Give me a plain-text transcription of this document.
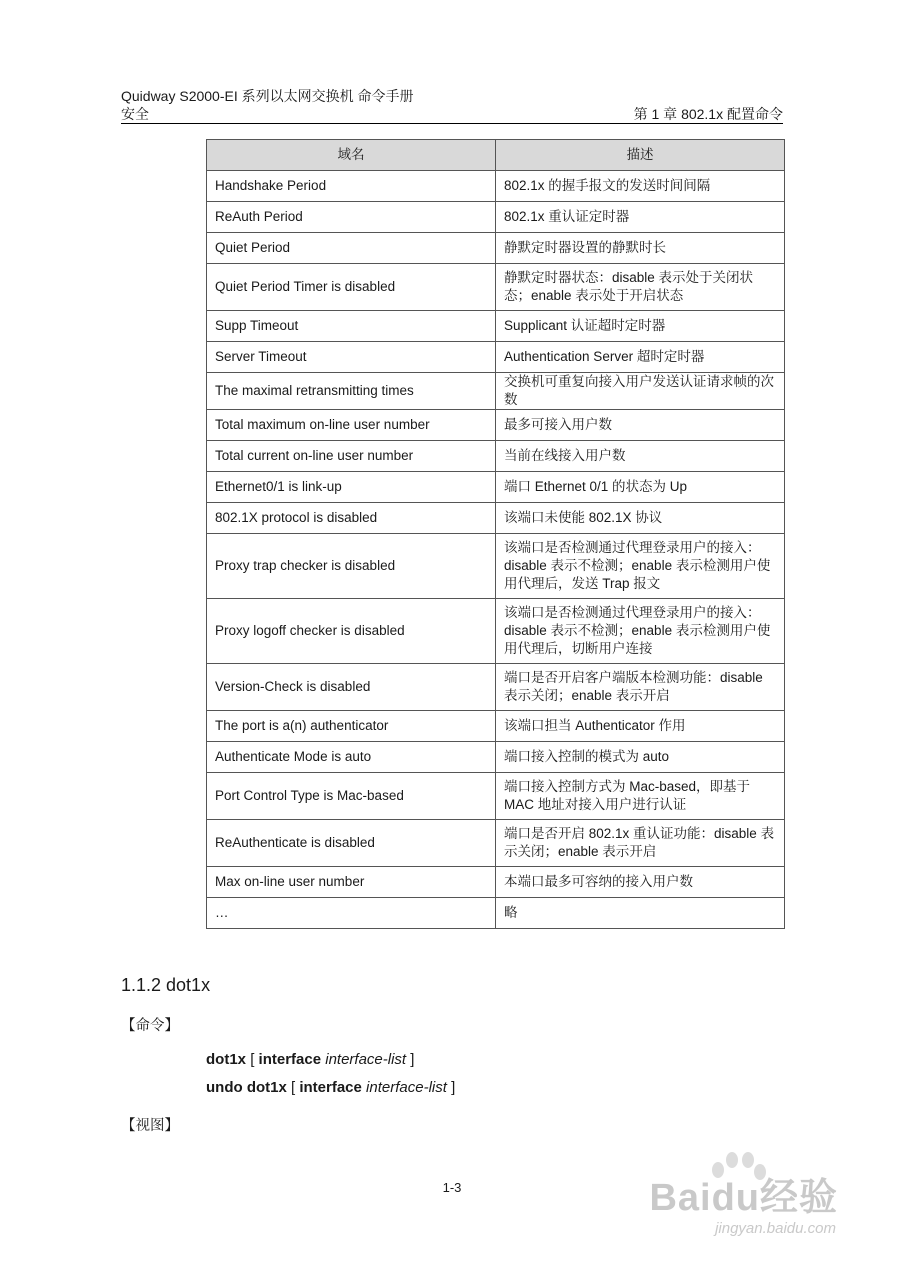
Quidway S2000-EI 系列以太网交换机 命令手册
安全	第 1 章 802.1x 配置命令
域名	描述
Handshake Period	802.1x 的握手报文的发送时间间隔
ReAuth Period	802.1x 重认证定时器
Quiet Period	静默定时器设置的静默时长
Quiet Period Timer is disabled	静默定时器状态：disable 表示处于关闭状态；enable 表示处于开启状态
Supp Timeout	Supplicant 认证超时定时器
Server Timeout	Authentication Server 超时定时器
The maximal retransmitting times	交换机可重复向接入用户发送认证请求帧的次数
Total maximum on-line user number	最多可接入用户数
Total current on-line user number	当前在线接入用户数
Ethernet0/1 is link-up	端口 Ethernet 0/1 的状态为 Up
802.1X protocol is disabled	该端口未使能 802.1X 协议
Proxy trap checker is disabled	该端口是否检测通过代理登录用户的接入：disable 表示不检测；enable 表示检测用户使用代理后，发送 Trap 报文
Proxy logoff checker is disabled	该端口是否检测通过代理登录用户的接入：disable 表示不检测；enable 表示检测用户使用代理后，切断用户连接
Version-Check is disabled	端口是否开启客户端版本检测功能：disable 表示关闭；enable 表示开启
The port is a(n) authenticator	该端口担当 Authenticator 作用
Authenticate Mode is auto	端口接入控制的模式为 auto
Port Control Type is Mac-based	端口接入控制方式为 Mac-based，即基于 MAC 地址对接入用户进行认证
ReAuthenticate is disabled	端口是否开启 802.1x 重认证功能：disable 表示关闭；enable 表示开启
Max on-line user number	本端口最多可容纳的接入用户数
…	略
1.1.2 dot1x
【命令】
dot1x [ interface interface-list ]
undo dot1x [ interface interface-list ]
【视图】
1-3	Baidu经验
jingyan.baidu.com
